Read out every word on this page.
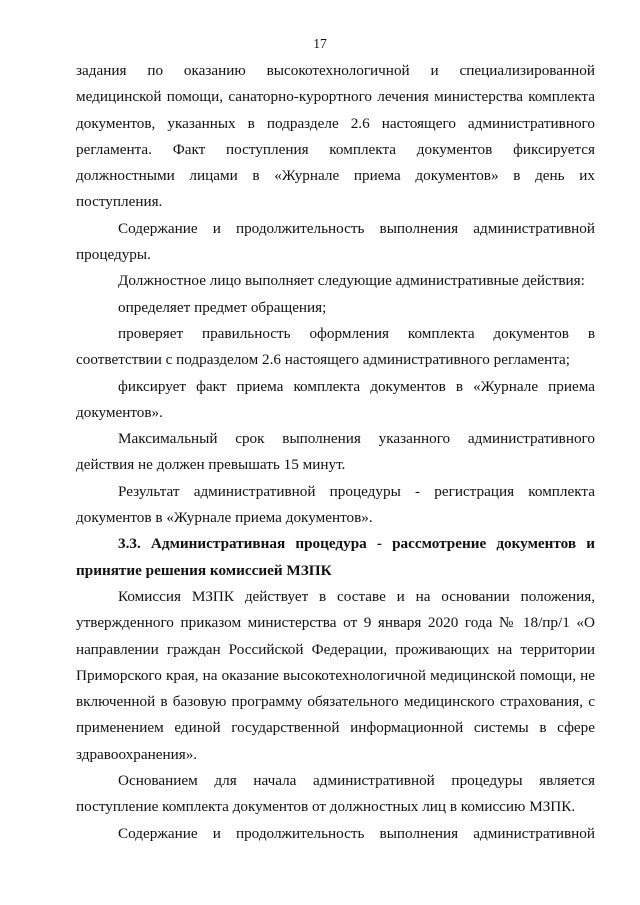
17

задания по оказанию высокотехнологичной и специализированной медицинской помощи, санаторно-курортного лечения министерства комплекта документов, указанных в подразделе 2.6 настоящего административного регламента. Факт поступления комплекта документов фиксируется должностными лицами в «Журнале приема документов» в день их поступления.

Содержание и продолжительность выполнения административной процедуры.

Должностное лицо выполняет следующие административные действия:

определяет предмет обращения;

проверяет правильность оформления комплекта документов в соответствии с подразделом 2.6 настоящего административного регламента;

фиксирует факт приема комплекта документов в «Журнале приема документов».

Максимальный срок выполнения указанного административного действия не должен превышать 15 минут.

Результат административной процедуры - регистрация комплекта документов в «Журнале приема документов».

3.3. Административная процедура - рассмотрение документов и принятие решения комиссией МЗПК

Комиссия МЗПК действует в составе и на основании положения, утвержденного приказом министерства от 9 января 2020 года № 18/пр/1 «О направлении граждан Российской Федерации, проживающих на территории Приморского края, на оказание высокотехнологичной медицинской помощи, не включенной в базовую программу обязательного медицинского страхования, с применением единой государственной информационной системы в сфере здравоохранения».

Основанием для начала административной процедуры является поступление комплекта документов от должностных лиц в комиссию МЗПК.

Содержание и продолжительность выполнения административной
